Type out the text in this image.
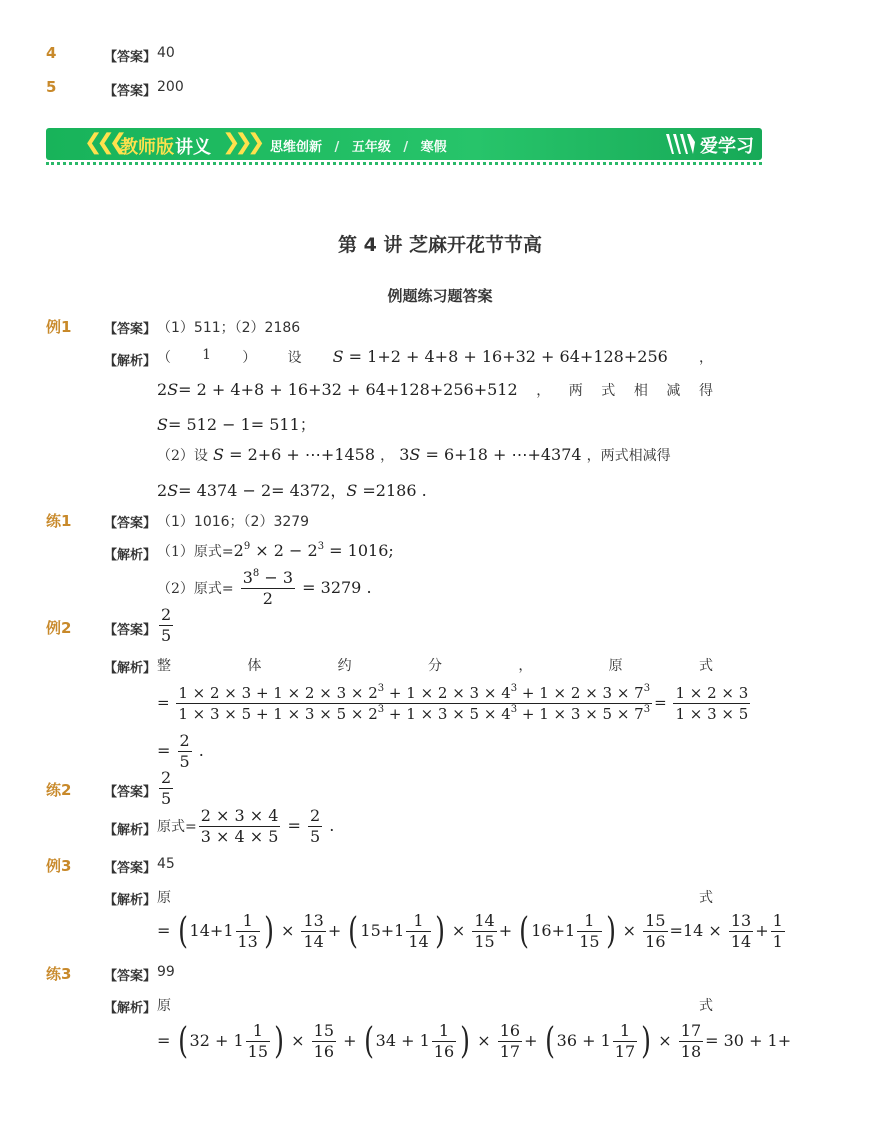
4	【答案】 40
5	【答案】 200
❮❮❮
教师版 讲义 ❯❯❯ 思维创新 / 五年级 / 寒假	爱学习
第 4 讲 芝麻开花节节高
例题练习题答案
例1	【答案】 （1）511；（2）2186
【解析】 （ 1 ） 设 S = 1+2 + 4+8 + 16+32 + 64+128+256 ，
2S= 2 + 4+8 + 16+32 + 64+128+256+512 ， 两 式 相 减 得
S= 512 − 1= 511；
（2）设 S = 2+6 + ⋯+1458 ， 3S = 6+18 + ⋯+4374 ，两式相减得
2S= 4374 − 2= 4372，S =2186 .
练1	【答案】 （1）1016；（2）3279
【解析】 （1）原式$=2^9 \times 2 - 2^3 = 1016$;
（2）原式= $\frac{3^8 - 3}{2} = 3279$ .
例2	【答案】 $\frac{2}{5}$
【解析】 整	体	约	分	，	原	式
= $\frac{1 \times 2 \times 3 + 1 \times 2 \times 3 \times 2^3 + 1 \times 2 \times 3 \times 4^3 + 1 \times 2 \times 3 \times 7^3}{1 \times 3 \times 5 + 1 \times 3 \times 5 \times 2^3 + 1 \times 3 \times 5 \times 4^3 + 1 \times 3 \times 5 \times 7^3} = \frac{1 \times 2 \times 3}{1 \times 3 \times 5}$
= $\frac{2}{5}$ .
练2	【答案】 $\frac{2}{5}$
【解析】 原式= $\frac{2 \times 3 \times 4}{3 \times 4 \times 5} = \frac{2}{5}$ .
例3	【答案】 45
【解析】 原	式
= ( $14+1 \frac{1}{13}$ ) × $\frac{13}{14}$ + ( $15+1 \frac{1}{14}$ ) × $\frac{14}{15}$ + ( $16+1 \frac{1}{15}$ ) × $\frac{15}{16} =14 \times \frac{13}{14} + \frac{1}{1}$
练3	【答案】 99
【解析】 原	式
= ( $32 + 1 \frac{1}{15}$ ) × $\frac{15}{16}$ + ( $34 + 1 \frac{1}{16}$ ) × $\frac{16}{17}$ + ( $36 + 1 \frac{1}{17}$ ) × $\frac{17}{18} = 30 + 1+$
